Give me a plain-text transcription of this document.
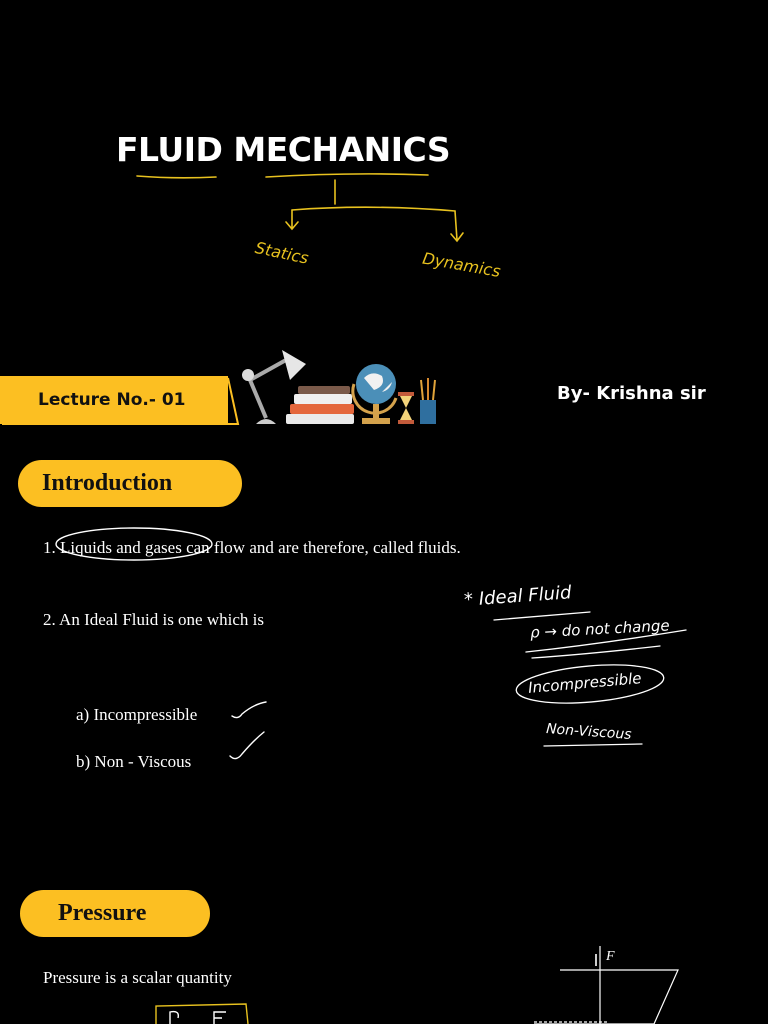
FLUID MECHANICS
Statics	Dynamics
Lecture No.- 01	By- Krishna sir
Introduction
1. Liquids and gases can flow and are therefore, called fluids.
2. An Ideal Fluid is one which is
a) Incompressible
b) Non - Viscous
* Ideal Fluid
ρ → do not change
Incompressible
Non-Viscous
Pressure
Pressure is a scalar quantity
F
